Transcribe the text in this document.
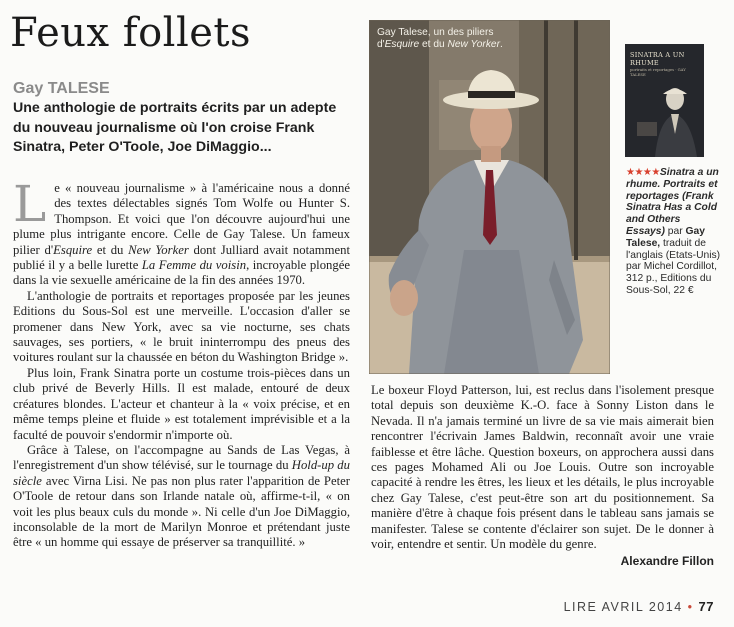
Feux follets
Gay TALESE
Une anthologie de portraits écrits par un adepte du nouveau journalisme où l'on croise Frank Sinatra, Peter O'Toole, Joe DiMaggio...
L e « nouveau journalisme » à l'américaine nous a donné des textes délectables signés Tom Wolfe ou Hunter S. Thompson. Et voici que l'on découvre aujourd'hui une plume plus intrigante encore. Celle de Gay Talese. Un fameux pilier d'Esquire et du New Yorker dont Julliard avait notamment publié il y a belle lurette La Femme du voisin, incroyable plongée dans la vie sexuelle américaine de la fin des années 1970.

L'anthologie de portraits et reportages proposée par les jeunes Editions du Sous-Sol est une merveille. L'occasion d'aller se promener dans New York, avec sa vie nocturne, ses chats sauvages, ses portiers, « le bruit ininterrompu des pneus des voitures roulant sur la chaussée en béton du Washington Bridge ».

Plus loin, Frank Sinatra porte un costume trois-pièces dans un club privé de Beverly Hills. Il est malade, entouré de deux créatures blondes. L'acteur et chanteur à la « voix précise, et en même temps pleine et fluide » est totalement imprévisible et a la faculté de pouvoir s'endormir n'importe où.

Grâce à Talese, on l'accompagne au Sands de Las Vegas, à l'enregistrement d'un show télévisé, sur le tournage du Hold-up du siècle avec Virna Lisi. Ne pas non plus rater l'apparition de Peter O'Toole de retour dans son Irlande natale où, affirme-t-il, « on voit les plus beaux culs du monde ». Ni celle d'un Joe DiMaggio, inconsolable de la mort de Marilyn Monroe et prétendant juste être « un homme qui essaye de préserver sa tranquillité. »

Gay Talese, un des piliers d'Esquire et du New Yorker.
SINATRA A UN RHUME
portraits et reportages · GAY TALESE
★★★★Sinatra a un rhume. Portraits et reportages (Frank Sinatra Has a Cold and Others Essays) par Gay Talese, traduit de l'anglais (Etats-Unis) par Michel Cordillot, 312 p., Editions du Sous-Sol, 22 €

Le boxeur Floyd Patterson, lui, est reclus dans l'isolement presque total depuis son deuxième K.-O. face à Sonny Liston dans le Nevada. Il n'a jamais terminé un livre de sa vie mais aimerait bien rencontrer l'écrivain James Baldwin, reconnaît avoir une vraie faiblesse et être lâche. Question boxeurs, on approchera aussi dans ces pages Mohamed Ali ou Joe Louis. Outre son incroyable capacité à rendre les êtres, les lieux et les détails, le plus incroyable chez Gay Talese, c'est peut-être son art du positionnement. Sa manière d'être à chaque fois présent dans le tableau sans jamais se manifester. Talese se contente d'éclairer son sujet. De le donner à voir, entendre et sentir. Un modèle du genre.

Alexandre Fillon
LIRE AVRIL 2014 • 77
